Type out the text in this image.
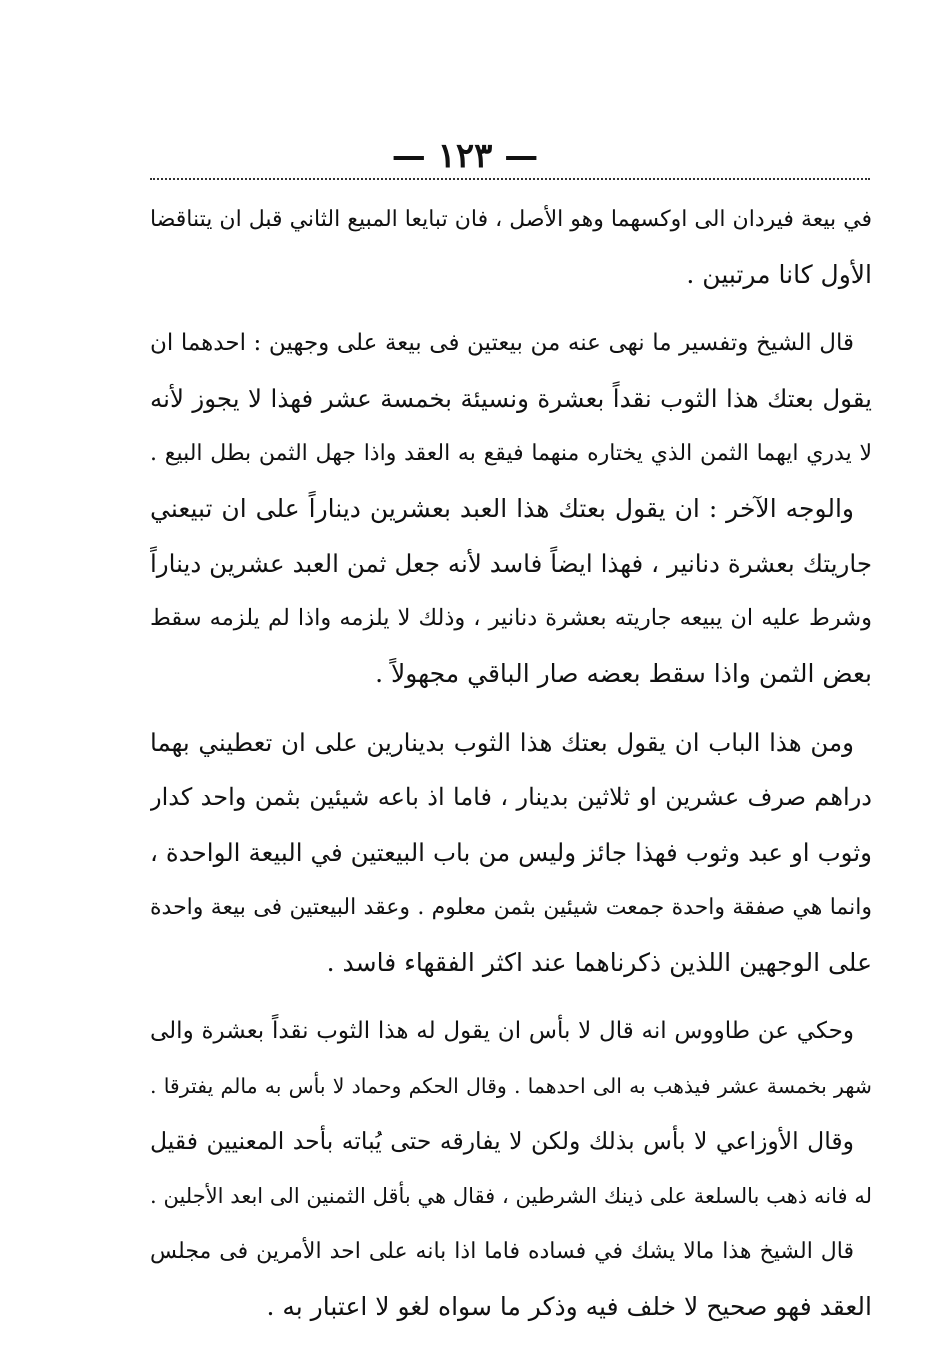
— ١٢٣ —
في بيعة فيردان الى اوكسهما وهو الأصل ، فان تبايعا المبيع الثاني قبل ان يتناقضا
الأول كانا مرتبين .
قال الشيخ وتفسير ما نهى عنه من بيعتين فى بيعة على وجهين : احدهما ان
يقول بعتك هذا الثوب نقداً بعشرة ونسيئة بخمسة عشر فهذا لا يجوز لأنه
لا يدري ايهما الثمن الذي يختاره منهما فيقع به العقد واذا جهل الثمن بطل البيع .
والوجه الآخر : ان يقول بعتك هذا العبد بعشرين ديناراً على ان تبيعني
جاريتك بعشرة دنانير ، فهذا ايضاً فاسد لأنه جعل ثمن العبد عشرين ديناراً
وشرط عليه ان يبيعه جاريته بعشرة دنانير ، وذلك لا يلزمه واذا لم يلزمه سقط
بعض الثمن واذا سقط بعضه صار الباقي مجهولاً .
ومن هذا الباب ان يقول بعتك هذا الثوب بدينارين على ان تعطيني بهما
دراهم صرف عشرين او ثلاثين بدينار ، فاما اذ باعه شيئين بثمن واحد كدار
وثوب او عبد وثوب فهذا جائز وليس من باب البيعتين في البيعة الواحدة ،
وانما هي صفقة واحدة جمعت شيئين بثمن معلوم . وعقد البيعتين فى بيعة واحدة
على الوجهين اللذين ذكرناهما عند اكثر الفقهاء فاسد .
وحكي عن طاووس انه قال لا بأس ان يقول له هذا الثوب نقداً بعشرة والى
شهر بخمسة عشر فيذهب به الى احدهما . وقال الحكم وحماد لا بأس به مالم يفترقا .
وقال الأوزاعي لا بأس بذلك ولكن لا يفارقه حتى يُباته بأحد المعنيين فقيل
له فانه ذهب بالسلعة على ذينك الشرطين ، فقال هي بأقل الثمنين الى ابعد الأجلين .
قال الشيخ هذا مالا يشك في فساده فاما اذا بانه على احد الأمرين فى مجلس
العقد فهو صحيح لا خلف فيه وذكر ما سواه لغو لا اعتبار به .
